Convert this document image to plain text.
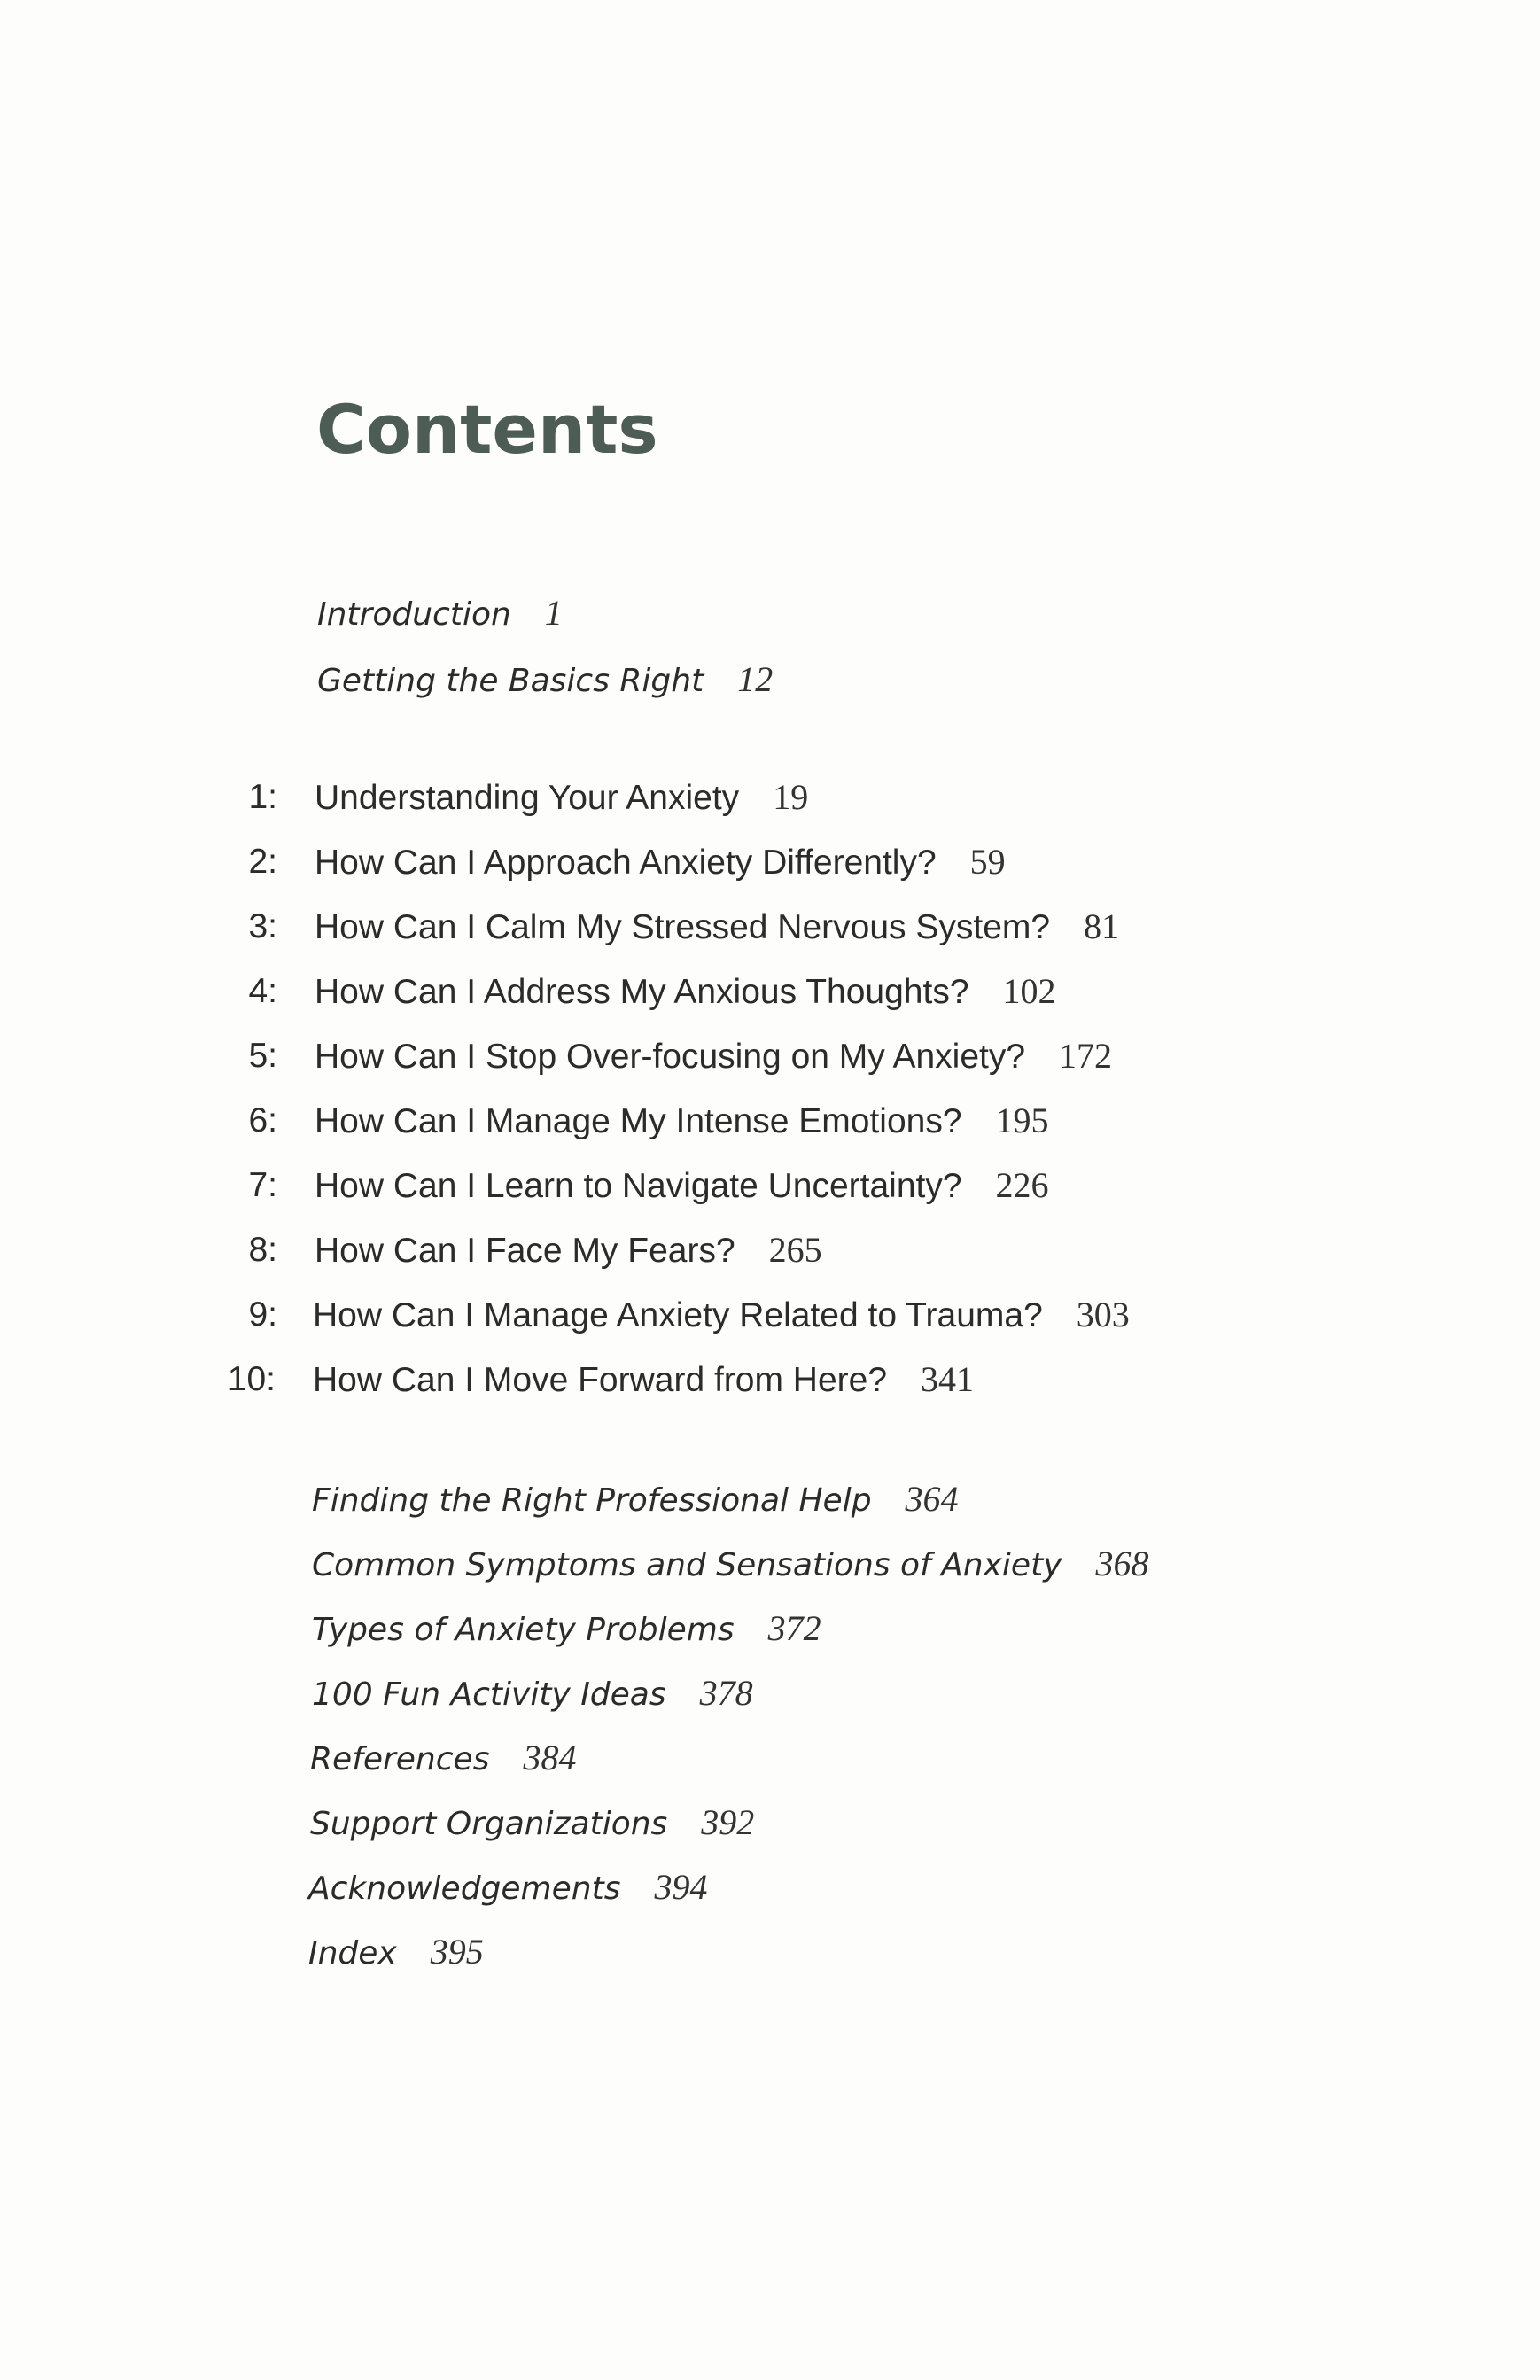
Contents
Introduction 1
Getting the Basics Right 12
1: Understanding Your Anxiety 19
2: How Can I Approach Anxiety Differently? 59
3: How Can I Calm My Stressed Nervous System? 81
4: How Can I Address My Anxious Thoughts? 102
5: How Can I Stop Over-focusing on My Anxiety? 172
6: How Can I Manage My Intense Emotions? 195
7: How Can I Learn to Navigate Uncertainty? 226
8: How Can I Face My Fears? 265
9: How Can I Manage Anxiety Related to Trauma? 303
10: How Can I Move Forward from Here? 341
Finding the Right Professional Help 364
Common Symptoms and Sensations of Anxiety 368
Types of Anxiety Problems 372
100 Fun Activity Ideas 378
References 384
Support Organizations 392
Acknowledgements 394
Index 395
